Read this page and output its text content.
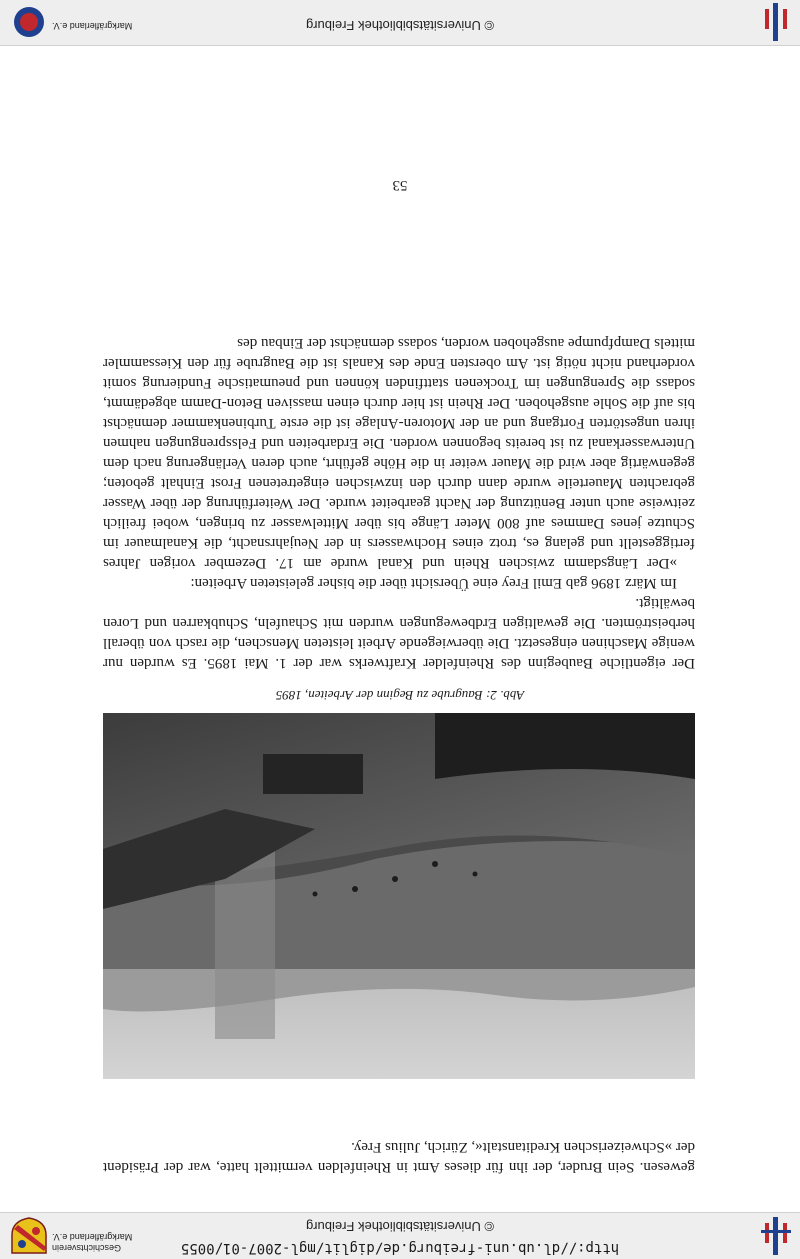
http://dl.ub.uni-freiburg.de/diglit/mgl-2007-01/0055
© Universitätsbibliothek Freiburg
Geschichtsverein
Markgräflerland e.V.

gewesen. Sein Bruder, der ihn für dieses Amt in Rheinfelden vermittelt hatte, war der Präsident der »Schweizerischen Kreditanstalt«, Zürich, Julius Frey.

Abb. 2: Baugrube zu Beginn der Arbeiten, 1895

Der eigentliche Baubeginn des Rheinfelder Kraftwerks war der 1. Mai 1895. Es wurden nur wenige Maschinen eingesetzt. Die überwiegende Arbeit leisteten Menschen, die rasch von überall herbeiströmten. Die gewaltigen Erdbewegungen wurden mit Schaufeln, Schubkarren und Loren bewältigt.

Im März 1896 gab Emil Frey eine Übersicht über die bisher geleisteten Arbeiten:

»Der Längsdamm zwischen Rhein und Kanal wurde am 17. Dezember vorigen Jahres fertiggestellt und gelang es, trotz eines Hochwassers in der Neujahrsnacht, die Kanalmauer im Schutze jenes Dammes auf 800 Meter Länge bis über Mittelwasser zu bringen, wobei freilich zeitweise auch unter Benützung der Nacht gearbeitet wurde. Der Weiterführung der über Wasser gebrachten Mauerteile wurde dann durch den inzwischen eingetretenen Frost Einhalt geboten; gegenwärtig aber wird die Mauer weiter in die Höhe geführt, auch deren Verlängerung nach dem Unterwasserkanal zu ist bereits begonnen worden. Die Erdarbeiten und Felssprengungen nahmen ihren ungestörten Fortgang und an der Motoren-Anlage ist die erste Turbinenkammer demnächst bis auf die Sohle ausgehoben. Der Rhein ist hier durch einen massiven Beton-Damm abgedämmt, sodass die Sprengungen im Trockenen stattfinden können und pneumatische Fundierung somit vorderhand nicht nötig ist. Am obersten Ende des Kanals ist die Baugrube für den Kiessammler mittels Dampfpumpe ausgehoben worden, sodass demnächst der Einbau des

53
© Universitätsbibliothek Freiburg
Markgräflerland e.V.
